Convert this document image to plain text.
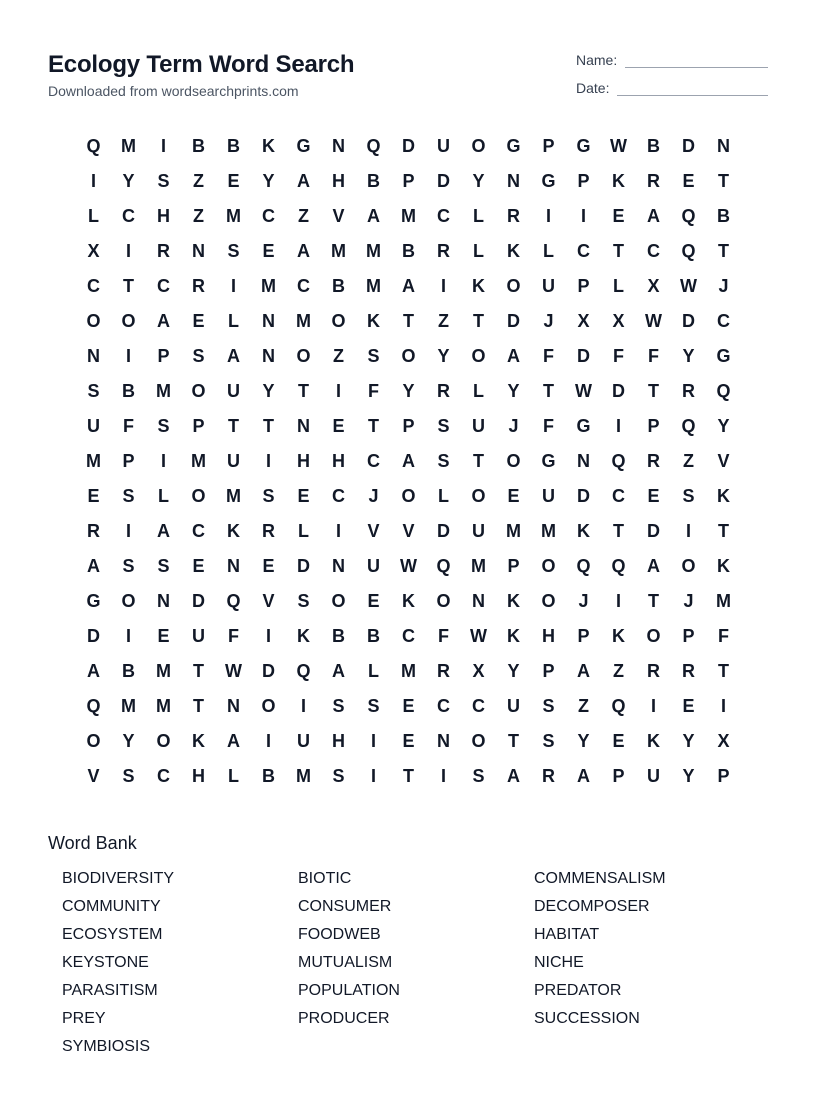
Ecology Term Word Search
Downloaded from wordsearchprints.com
Name:
Date:
Q	M	I	B	B	K	G	N	Q	D	U	O	G	P	G	W	B	D	N
I	Y	S	Z	E	Y	A	H	B	P	D	Y	N	G	P	K	R	E	T
L	C	H	Z	M	C	Z	V	A	M	C	L	R	I	I	E	A	Q	B
X	I	R	N	S	E	A	M	M	B	R	L	K	L	C	T	C	Q	T
C	T	C	R	I	M	C	B	M	A	I	K	O	U	P	L	X	W	J
O	O	A	E	L	N	M	O	K	T	Z	T	D	J	X	X	W	D	C
N	I	P	S	A	N	O	Z	S	O	Y	O	A	F	D	F	F	Y	G
S	B	M	O	U	Y	T	I	F	Y	R	L	Y	T	W	D	T	R	Q
U	F	S	P	T	T	N	E	T	P	S	U	J	F	G	I	P	Q	Y
M	P	I	M	U	I	H	H	C	A	S	T	O	G	N	Q	R	Z	V
E	S	L	O	M	S	E	C	J	O	L	O	E	U	D	C	E	S	K
R	I	A	C	K	R	L	I	V	V	D	U	M	M	K	T	D	I	T
A	S	S	E	N	E	D	N	U	W	Q	M	P	O	Q	Q	A	O	K
G	O	N	D	Q	V	S	O	E	K	O	N	K	O	J	I	T	J	M
D	I	E	U	F	I	K	B	B	C	F	W	K	H	P	K	O	P	F
A	B	M	T	W	D	Q	A	L	M	R	X	Y	P	A	Z	R	R	T
Q	M	M	T	N	O	I	S	S	E	C	C	U	S	Z	Q	I	E	I
O	Y	O	K	A	I	U	H	I	E	N	O	T	S	Y	E	K	Y	X
V	S	C	H	L	B	M	S	I	T	I	S	A	R	A	P	U	Y	P
Word Bank
BIODIVERSITY	BIOTIC	COMMENSALISM
COMMUNITY	CONSUMER	DECOMPOSER
ECOSYSTEM	FOODWEB	HABITAT
KEYSTONE	MUTUALISM	NICHE
PARASITISM	POPULATION	PREDATOR
PREY	PRODUCER	SUCCESSION
SYMBIOSIS
